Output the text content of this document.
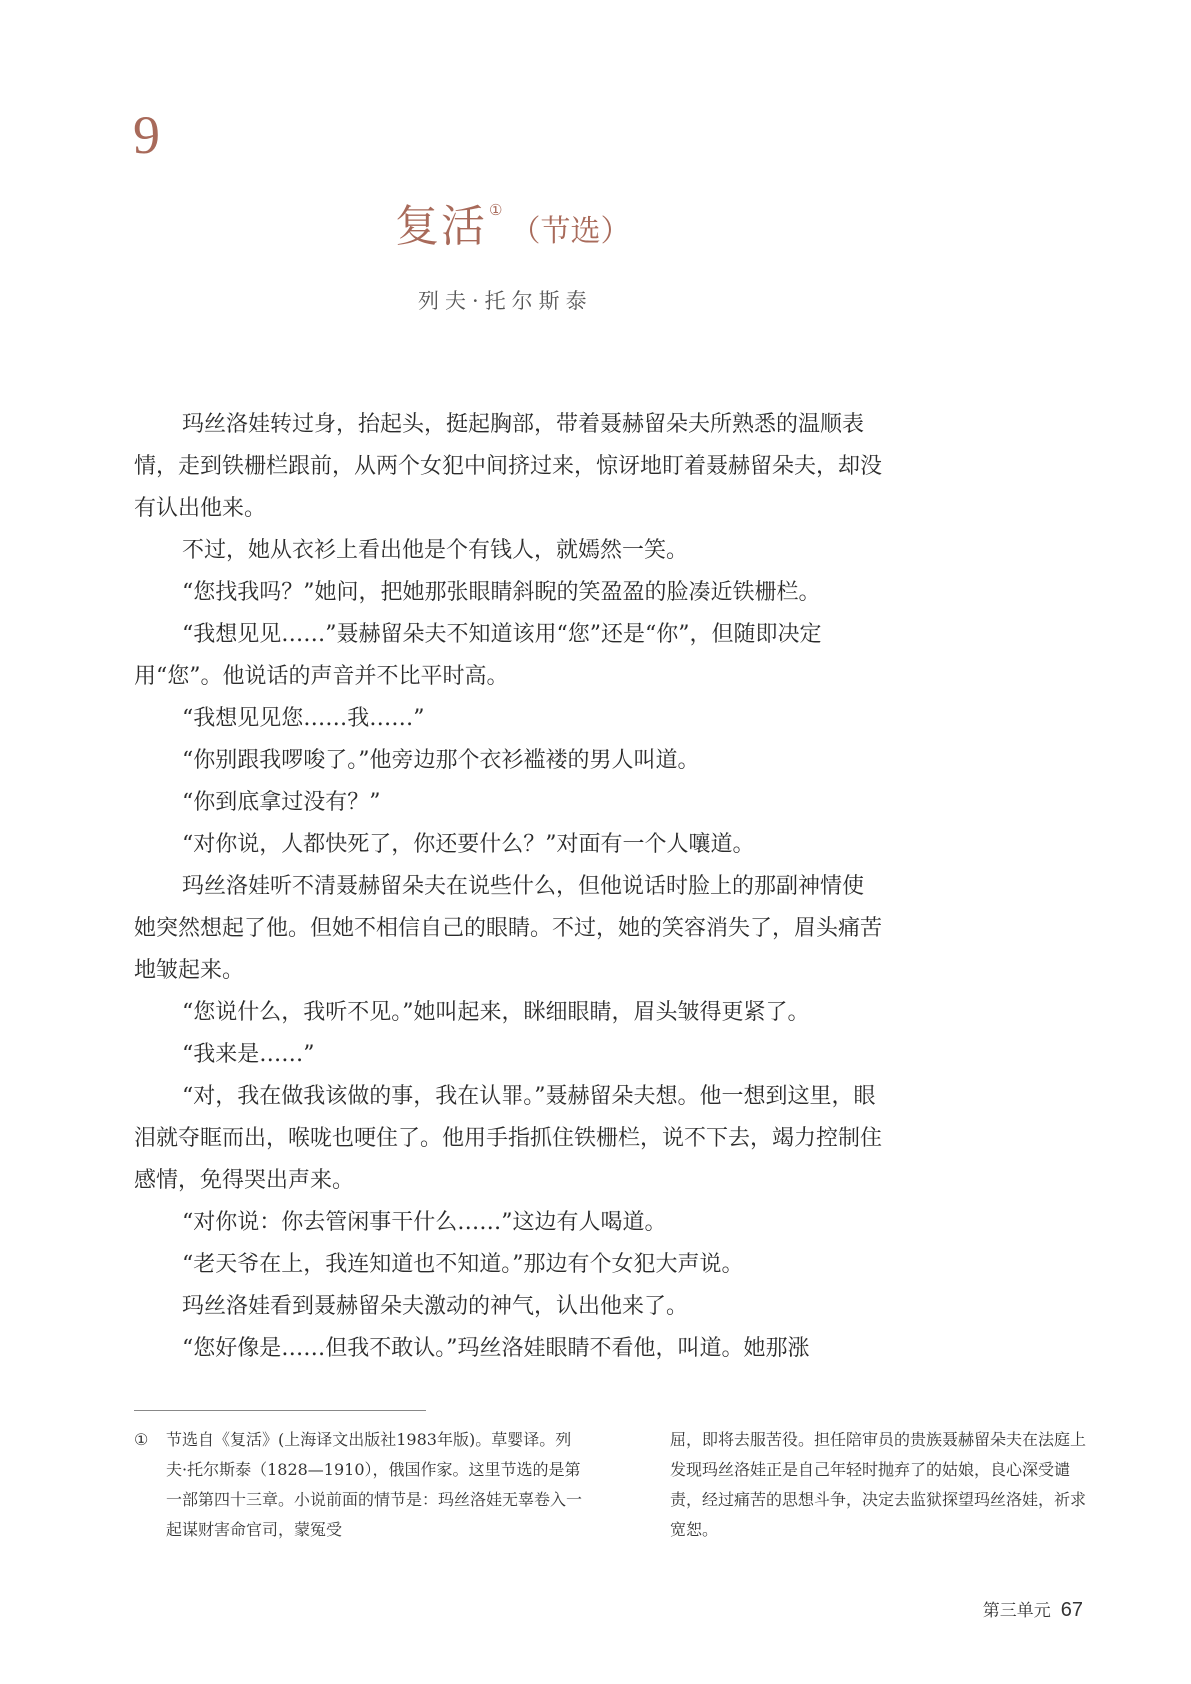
9
复活 ①（节选）
列夫·托尔斯泰

玛丝洛娃转过身，抬起头，挺起胸部，带着聂赫留朵夫所熟悉的温顺表情，走到铁栅栏跟前，从两个女犯中间挤过来，惊讶地盯着聂赫留朵夫，却没有认出他来。

不过，她从衣衫上看出他是个有钱人，就嫣然一笑。

“您找我吗？”她问，把她那张眼睛斜睨的笑盈盈的脸凑近铁栅栏。

“我想见见……”聂赫留朵夫不知道该用“您”还是“你”，但随即决定用“您”。他说话的声音并不比平时高。

“我想见见您……我……”

“你别跟我啰唆了。”他旁边那个衣衫褴褛的男人叫道。

“你到底拿过没有？”

“对你说，人都快死了，你还要什么？”对面有一个人嚷道。

玛丝洛娃听不清聂赫留朵夫在说些什么，但他说话时脸上的那副神情使她突然想起了他。但她不相信自己的眼睛。不过，她的笑容消失了，眉头痛苦地皱起来。

“您说什么，我听不见。”她叫起来，眯细眼睛，眉头皱得更紧了。

“我来是……”

“对，我在做我该做的事，我在认罪。”聂赫留朵夫想。他一想到这里，眼泪就夺眶而出，喉咙也哽住了。他用手指抓住铁栅栏，说不下去，竭力控制住感情，免得哭出声来。

“对你说：你去管闲事干什么……”这边有人喝道。

“老天爷在上，我连知道也不知道。”那边有个女犯大声说。

玛丝洛娃看到聂赫留朵夫激动的神气，认出他来了。

“您好像是……但我不敢认。”玛丝洛娃眼睛不看他，叫道。她那涨

①	节选自《复活》(上海译文出版社1983年版)。草婴译。列夫·托尔斯泰（1828—1910），俄国作家。这里节选的是第一部第四十三章。小说前面的情节是：玛丝洛娃无辜卷入一起谋财害命官司，蒙冤受
屈，即将去服苦役。担任陪审员的贵族聂赫留朵夫在法庭上发现玛丝洛娃正是自己年轻时抛弃了的姑娘，良心深受谴责，经过痛苦的思想斗争，决定去监狱探望玛丝洛娃，祈求宽恕。
第三单元 67
